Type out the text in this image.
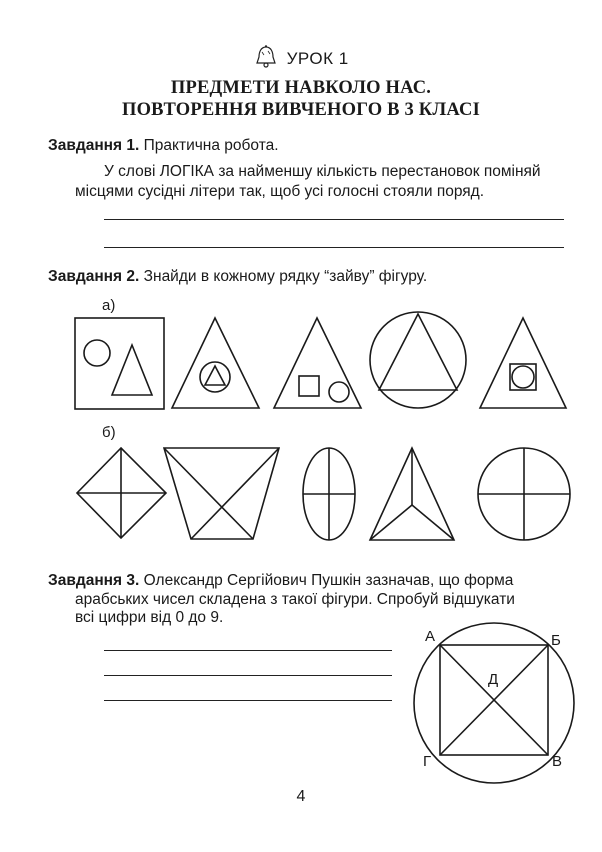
УРОК 1
ПРЕДМЕТИ НАВКОЛО НАС.
ПОВТОРЕННЯ ВИВЧЕНОГО В 3 КЛАСІ
Завдання 1. Практична робота.
У слові ЛОГІКА за найменшу кількість перестановок поміняй
місцями сусідні літери так, щоб усі голосні стояли поряд.
Завдання 2. Знайди в кожному рядку “зайву” фігуру.
а)
б)
Завдання 3. Олександр Сергійович Пушкін зазначав, що форма
арабських чисел складена з такої фігури. Спробуй відшукати
всі цифри від 0 до 9.
А	Б
Д
Г	В
4
